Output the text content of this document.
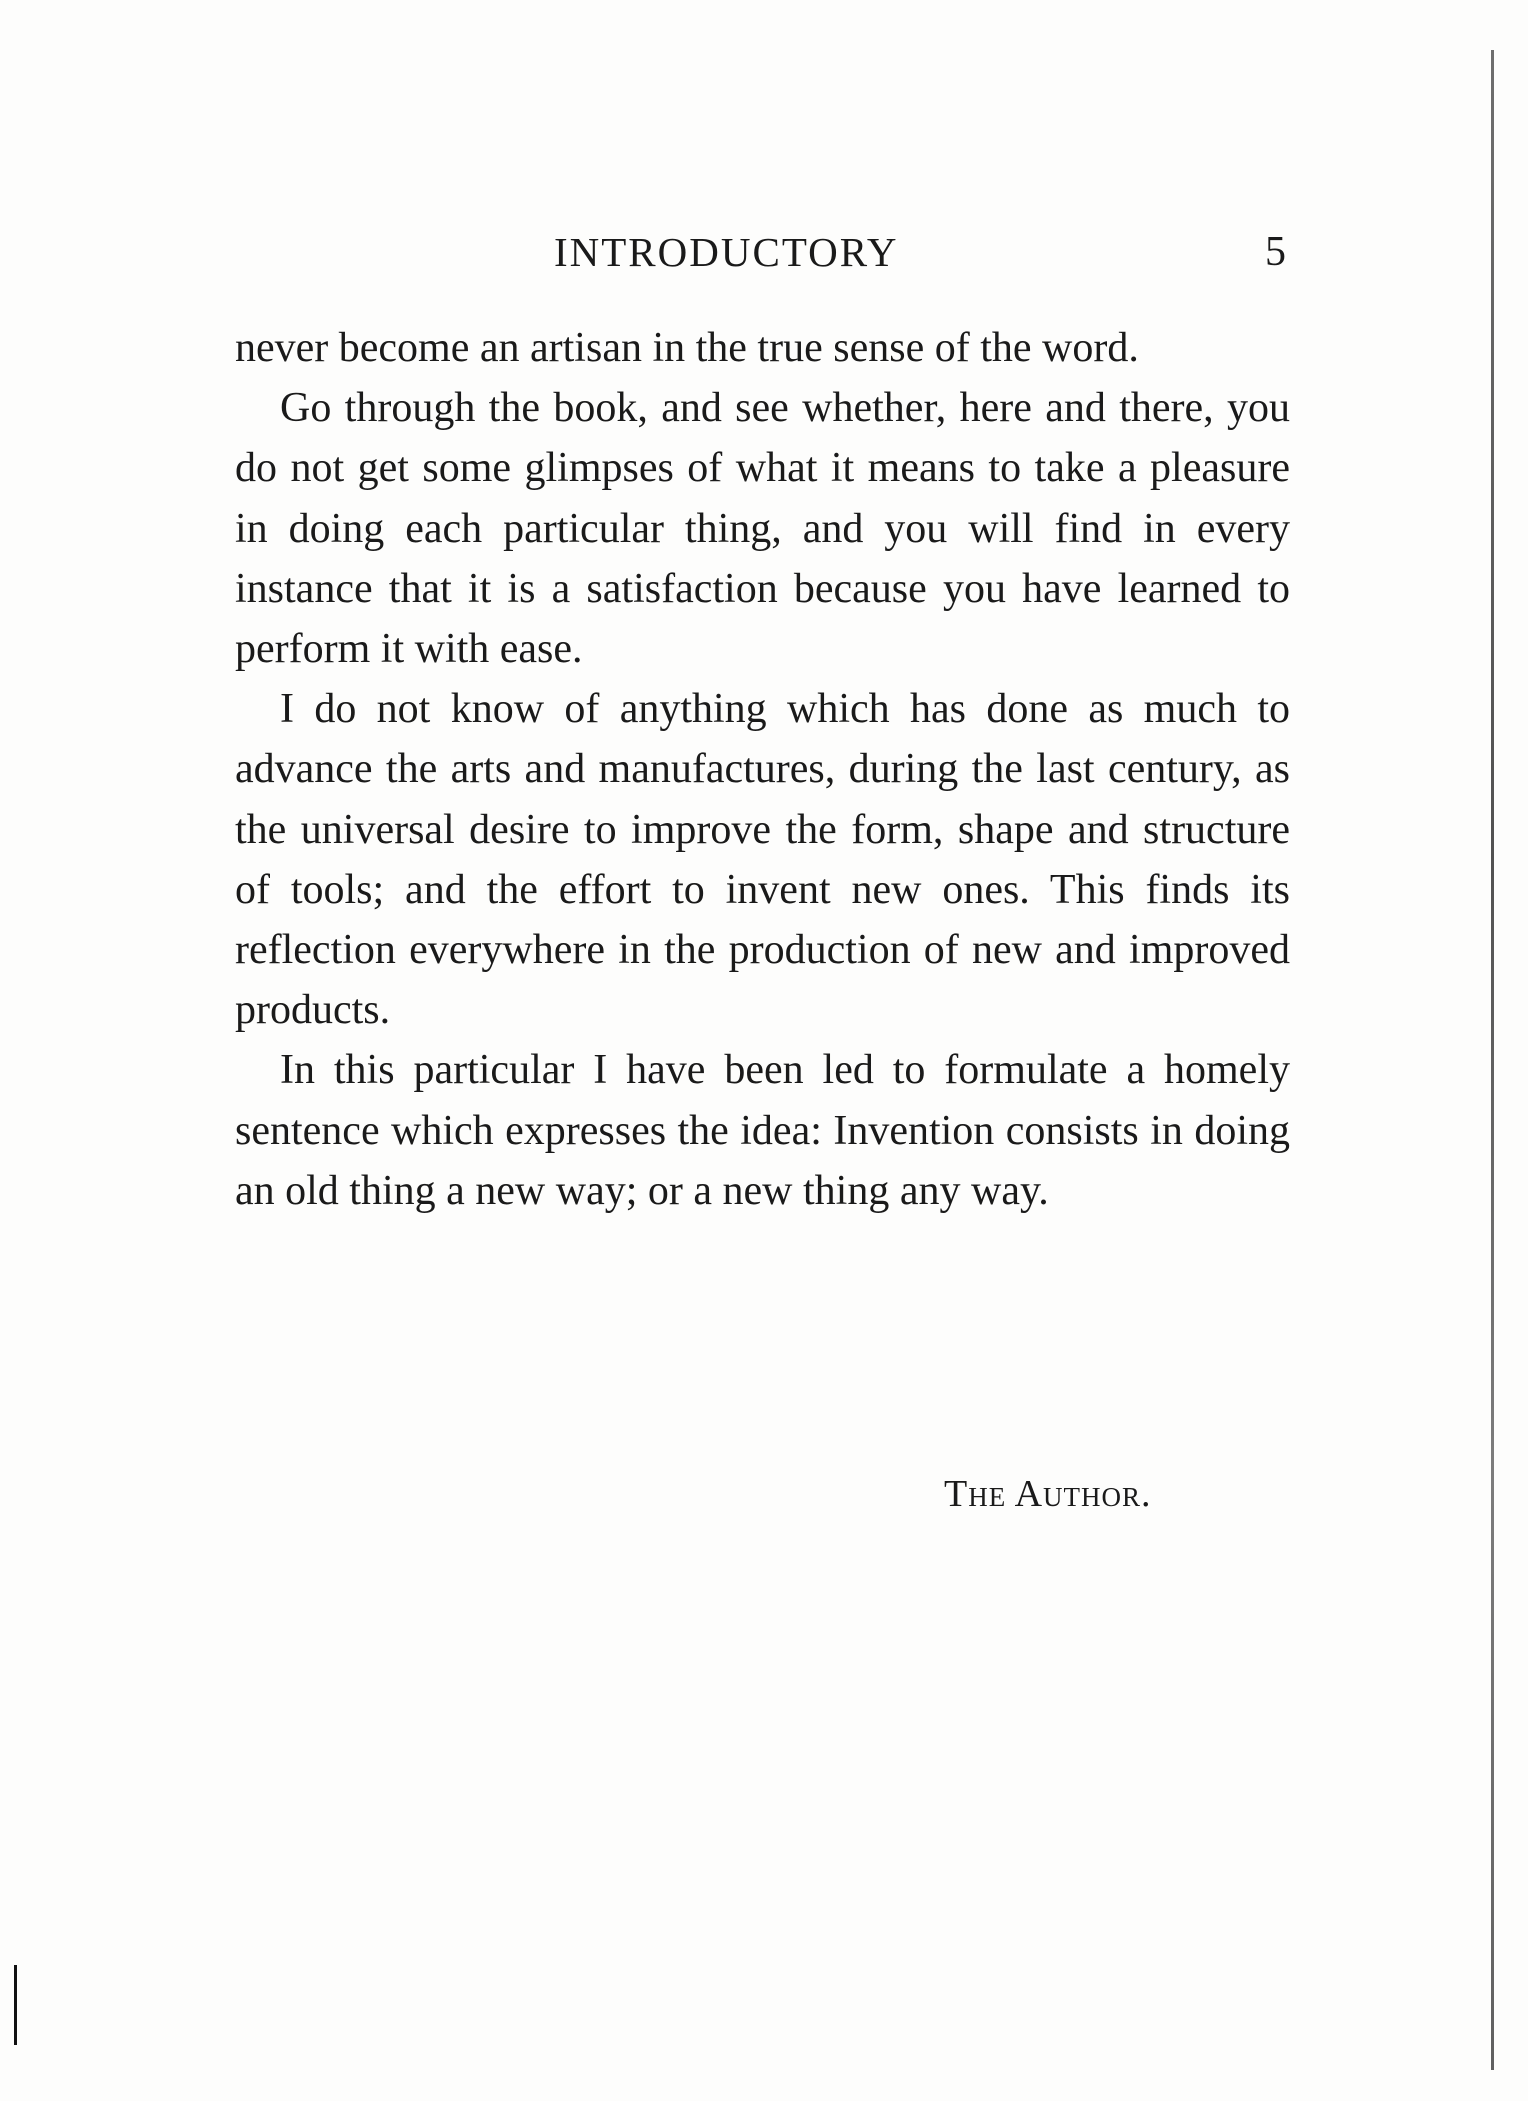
INTRODUCTORY	5

never become an artisan in the true sense of the word.

Go through the book, and see whether, here and there, you do not get some glimpses of what it means to take a pleasure in doing each particular thing, and you will find in every instance that it is a satisfaction because you have learned to perform it with ease.

I do not know of anything which has done as much to advance the arts and manufactures, during the last century, as the universal desire to improve the form, shape and structure of tools; and the effort to invent new ones. This finds its reflection everywhere in the production of new and improved products.

In this particular I have been led to formulate a homely sentence which expresses the idea: Invention consists in doing an old thing a new way; or a new thing any way.

The Author.
